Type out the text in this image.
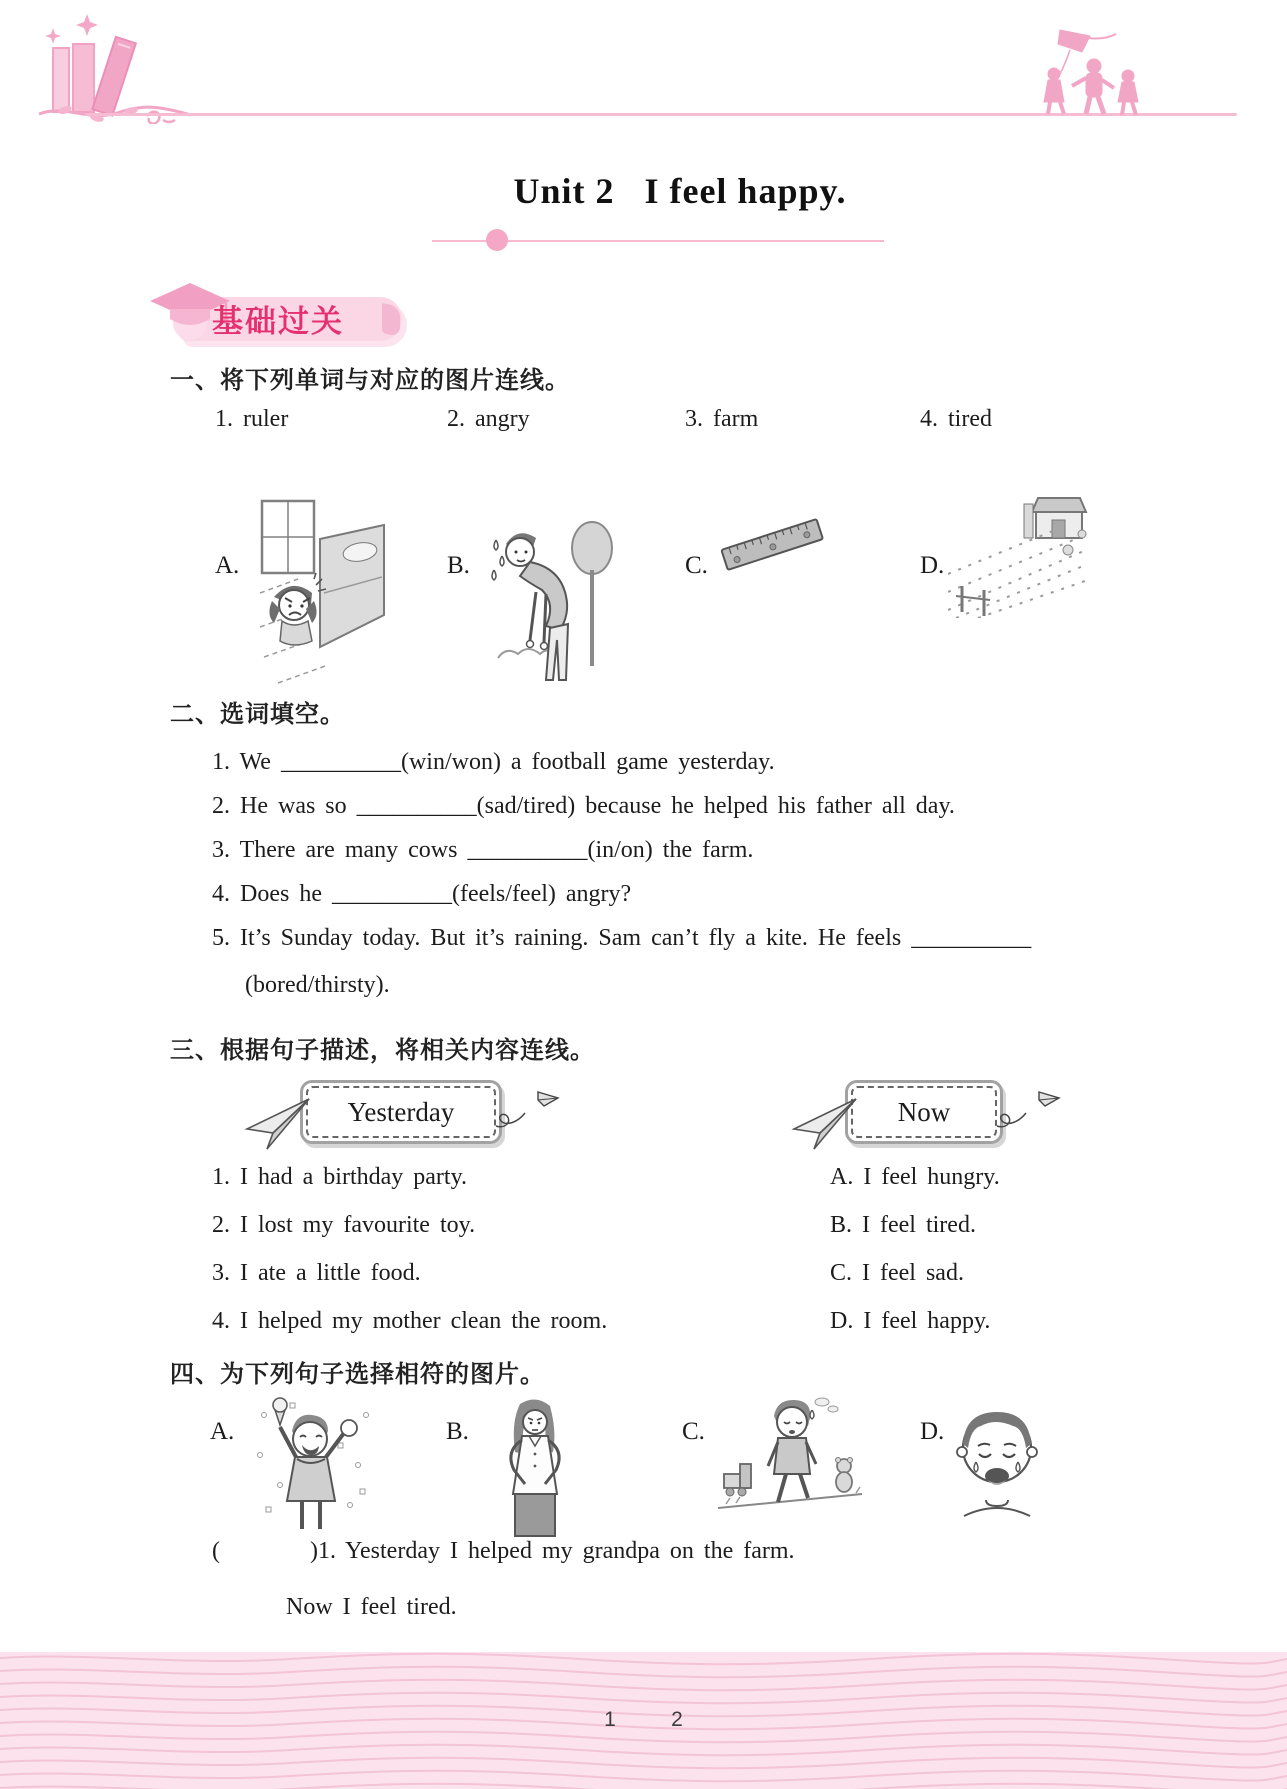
Unit 2   I feel happy.
基础过关
一、将下列单词与对应的图片连线。
1. ruler	2. angry	3. farm	4. tired
A.	B.	C.	D.
二、选词填空。
1. We __________(win/won) a football game yesterday.
2. He was so __________(sad/tired) because he helped his father all day.
3. There are many cows __________(in/on) the farm.
4. Does he __________(feels/feel) angry?
5. It’s Sunday today. But it’s raining. Sam can’t fly a kite. He feels __________
(bored/thirsty).
三、根据句子描述，将相关内容连线。
Yesterday	Now
1. I had a birthday party.
2. I lost my favourite toy.
3. I ate a little food.
4. I helped my mother clean the room.
A. I feel hungry.
B. I feel tired.
C. I feel sad.
D. I feel happy.
四、为下列句子选择相符的图片。
A.	B.	C.	D.
(         )1. Yesterday I helped my grandpa on the farm.
Now I feel tired.
1	2
